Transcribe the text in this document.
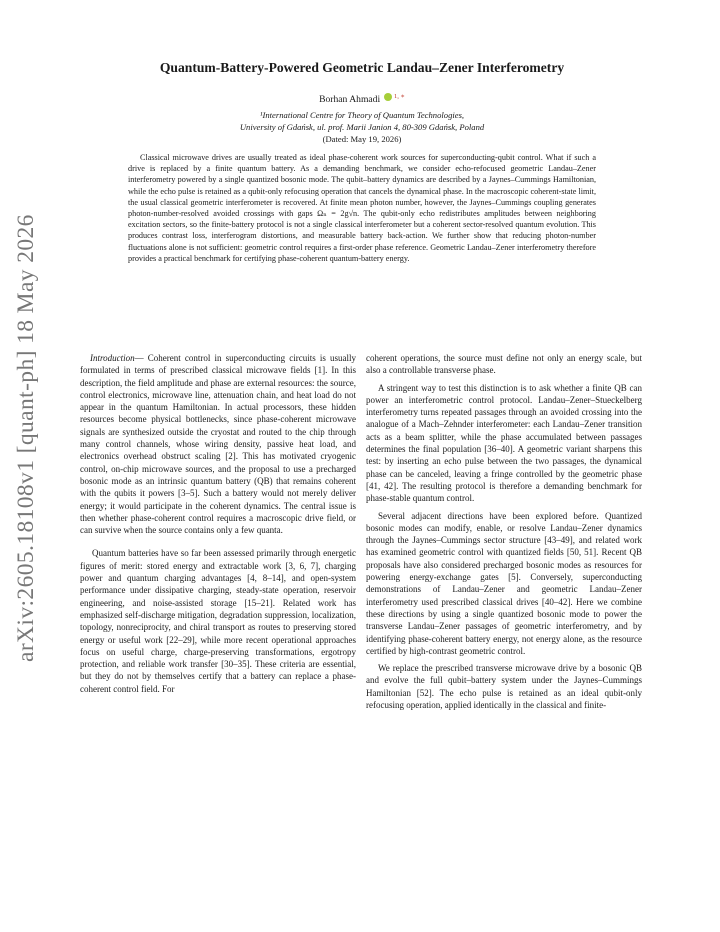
arXiv:2605.18108v1 [quant-ph] 18 May 2026
Quantum-Battery-Powered Geometric Landau–Zener Interferometry

Borhan Ahmadi $^{1, ∗}$

¹International Centre for Theory of Quantum Technologies,
University of Gdańsk, ul. prof. Marii Janion 4, 80-309 Gdańsk, Poland

(Dated: May 19, 2026)

Classical microwave drives are usually treated as ideal phase-coherent work sources for superconducting-qubit control. What if such a drive is replaced by a finite quantum battery. As a demanding benchmark, we consider echo-refocused geometric Landau–Zener interferometry powered by a single quantized bosonic mode. The qubit–battery dynamics are described by a Jaynes–Cummings Hamiltonian, while the echo pulse is retained as a qubit-only refocusing operation that cancels the dynamical phase. In the macroscopic coherent-state limit, the usual classical geometric interferometer is recovered. At finite mean photon number, however, the Jaynes–Cummings coupling generates photon-number-resolved avoided crossings with gaps Ωₙ = 2g√n. The qubit-only echo redistributes amplitudes between neighboring excitation sectors, so the finite-battery protocol is not a single classical interferometer but a coherent sector-resolved quantum evolution. This produces contrast loss, interferogram distortions, and measurable battery back-action. We further show that reducing photon-number fluctuations alone is not sufficient: geometric control requires a first-order phase reference. Geometric Landau–Zener interferometry therefore provides a practical benchmark for certifying phase-coherent quantum-battery energy.

Introduction— Coherent control in superconducting circuits is usually formulated in terms of prescribed classical microwave fields [1]. In this description, the field amplitude and phase are external resources: the source, control electronics, microwave line, attenuation chain, and heat load do not appear in the quantum Hamiltonian. In actual processors, these hidden resources become physical bottlenecks, since phase-coherent microwave signals are synthesized outside the cryostat and routed to the chip through many control channels, whose wiring density, passive heat load, and electronics overhead obstruct scaling [2]. This has motivated cryogenic control, on-chip microwave sources, and the proposal to use a precharged bosonic mode as an intrinsic quantum battery (QB) that remains coherent with the qubits it powers [3–5]. Such a battery would not merely deliver energy; it would participate in the coherent dynamics. The central issue is then whether phase-coherent control requires a macroscopic drive field, or can survive when the source contains only a few quanta.

Quantum batteries have so far been assessed primarily through energetic figures of merit: stored energy and extractable work [3, 6, 7], charging power and quantum charging advantages [4, 8–14], and open-system performance under dissipative charging, steady-state operation, reservoir engineering, and noise-assisted storage [15–21]. Related work has emphasized self-discharge mitigation, degradation suppression, localization, topology, nonreciprocity, and chiral transport as routes to preserving stored energy or useful work [22–29], while more recent operational approaches focus on useful charge, charge-preserving transformations, ergotropy protection, and reliable work transfer [30–35]. These criteria are essential, but they do not by themselves certify that a battery can replace a phase-coherent control field. For

coherent operations, the source must define not only an energy scale, but also a controllable transverse phase.

A stringent way to test this distinction is to ask whether a finite QB can power an interferometric control protocol. Landau–Zener–Stueckelberg interferometry turns repeated passages through an avoided crossing into the analogue of a Mach–Zehnder interferometer: each Landau–Zener transition acts as a beam splitter, while the phase accumulated between passages determines the final population [36–40]. A geometric variant sharpens this test: by inserting an echo pulse between the two passages, the dynamical phase can be canceled, leaving a fringe controlled by the geometric phase [41, 42]. The resulting protocol is therefore a demanding benchmark for phase-stable quantum control.

Several adjacent directions have been explored before. Quantized bosonic modes can modify, enable, or resolve Landau–Zener dynamics through the Jaynes–Cummings sector structure [43–49], and related work has examined geometric control with quantized fields [50, 51]. Recent QB proposals have also considered precharged bosonic modes as resources for powering energy-exchange gates [5]. Conversely, superconducting demonstrations of Landau–Zener and geometric Landau–Zener interferometry used prescribed classical drives [40–42]. Here we combine these directions by using a single quantized bosonic mode to power the transverse Landau–Zener passages of geometric interferometry, and by identifying phase-coherent battery energy, not energy alone, as the resource certified by high-contrast geometric control.

We replace the prescribed transverse microwave drive by a bosonic QB and evolve the full qubit–battery system under the Jaynes–Cummings Hamiltonian [52]. The echo pulse is retained as an ideal qubit-only refocusing operation, applied identically in the classical and finite-
